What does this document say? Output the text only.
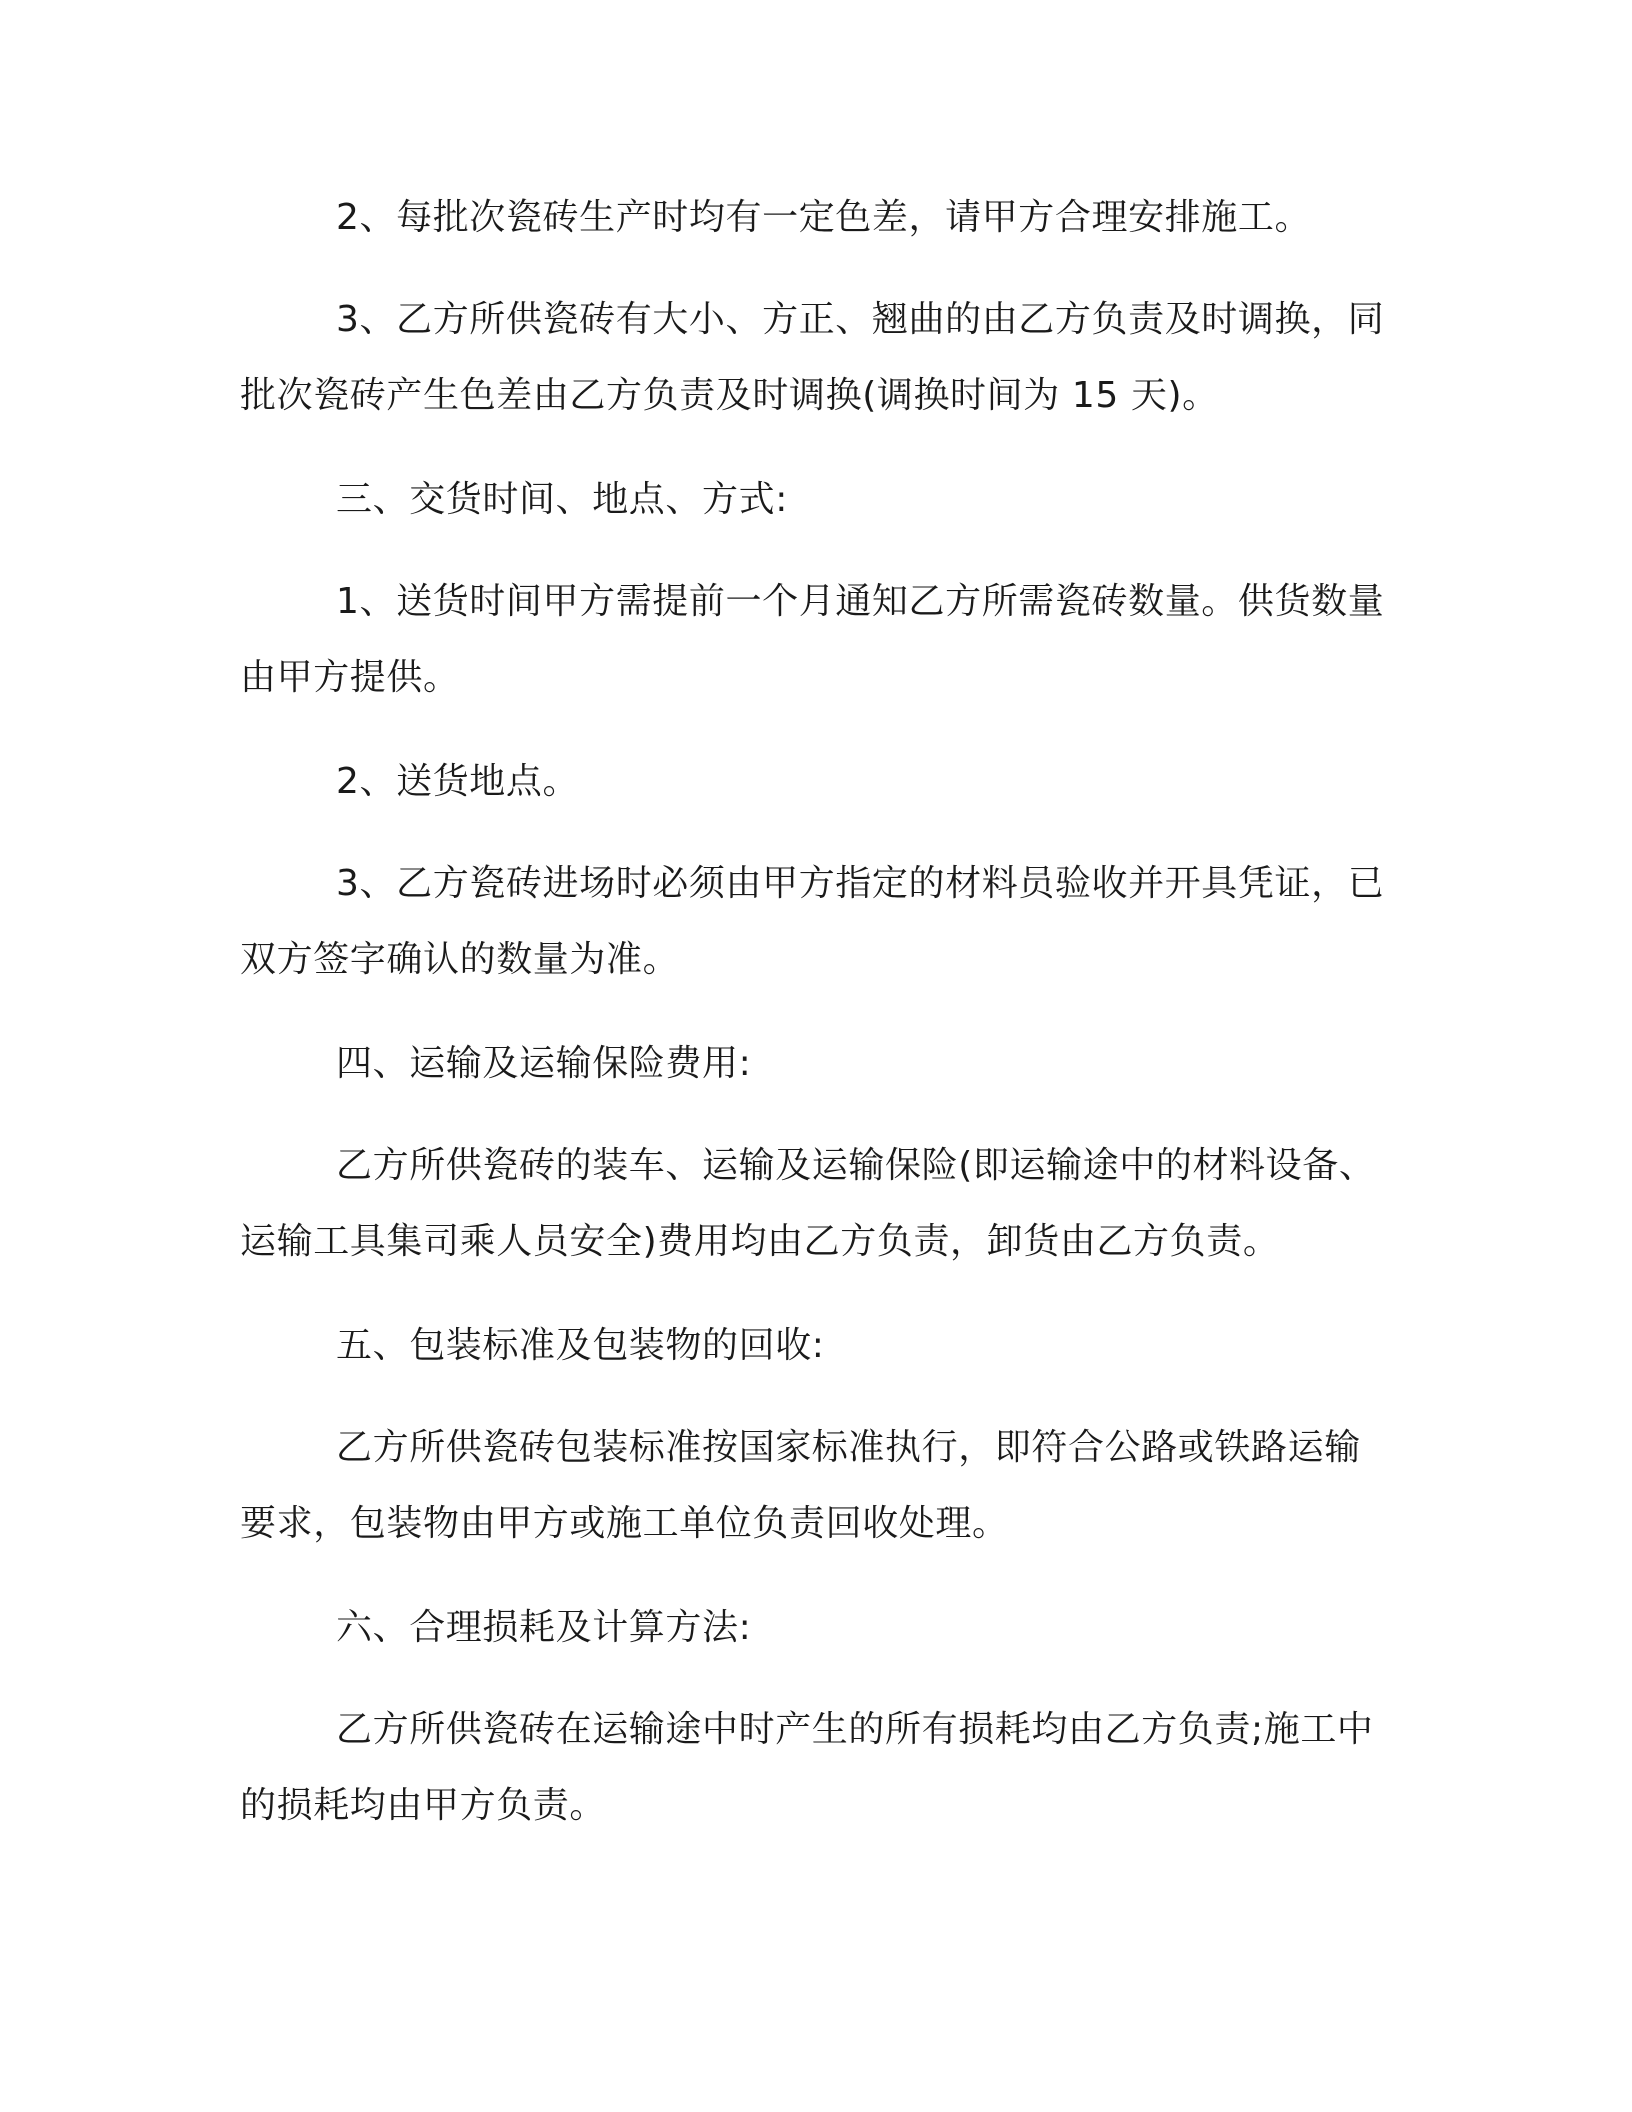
2、每批次瓷砖生产时均有一定色差，请甲方合理安排施工。

3、乙方所供瓷砖有大小、方正、翘曲的由乙方负责及时调换，同批次瓷砖产生色差由乙方负责及时调换(调换时间为 15 天)。

三、交货时间、地点、方式:

1、送货时间甲方需提前一个月通知乙方所需瓷砖数量。供货数量由甲方提供。

2、送货地点。

3、乙方瓷砖进场时必须由甲方指定的材料员验收并开具凭证，已双方签字确认的数量为准。

四、运输及运输保险费用:

乙方所供瓷砖的装车、运输及运输保险(即运输途中的材料设备、运输工具集司乘人员安全)费用均由乙方负责，卸货由乙方负责。

五、包装标准及包装物的回收:

乙方所供瓷砖包装标准按国家标准执行，即符合公路或铁路运输要求，包装物由甲方或施工单位负责回收处理。

六、合理损耗及计算方法:

乙方所供瓷砖在运输途中时产生的所有损耗均由乙方负责;施工中的损耗均由甲方负责。
